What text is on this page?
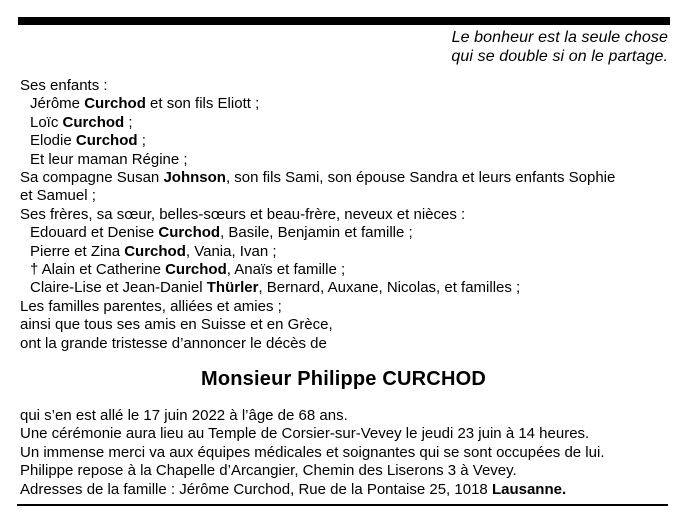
Le bonheur est la seule chose
qui se double si on le partage.
Ses enfants :
Jérôme Curchod et son fils Eliott ;
Loïc Curchod ;
Elodie Curchod ;
Et leur maman Régine ;
Sa compagne Susan Johnson, son fils Sami, son épouse Sandra et leurs enfants Sophie
et Samuel ;
Ses frères, sa sœur, belles-sœurs et beau-frère, neveux et nièces :
Edouard et Denise Curchod, Basile, Benjamin et famille ;
Pierre et Zina Curchod, Vania, Ivan ;
† Alain et Catherine Curchod, Anaïs et famille ;
Claire-Lise et Jean-Daniel Thürler, Bernard, Auxane, Nicolas, et familles ;
Les familles parentes, alliées et amies ;
ainsi que tous ses amis en Suisse et en Grèce,
ont la grande tristesse d’annoncer le décès de
Monsieur Philippe CURCHOD
qui s’en est allé le 17 juin 2022 à l’âge de 68 ans.
Une cérémonie aura lieu au Temple de Corsier-sur-Vevey le jeudi 23 juin à 14 heures.
Un immense merci va aux équipes médicales et soignantes qui se sont occupées de lui.
Philippe repose à la Chapelle d’Arcangier, Chemin des Liserons 3 à Vevey.
Adresses de la famille : Jérôme Curchod, Rue de la Pontaise 25, 1018 Lausanne.
